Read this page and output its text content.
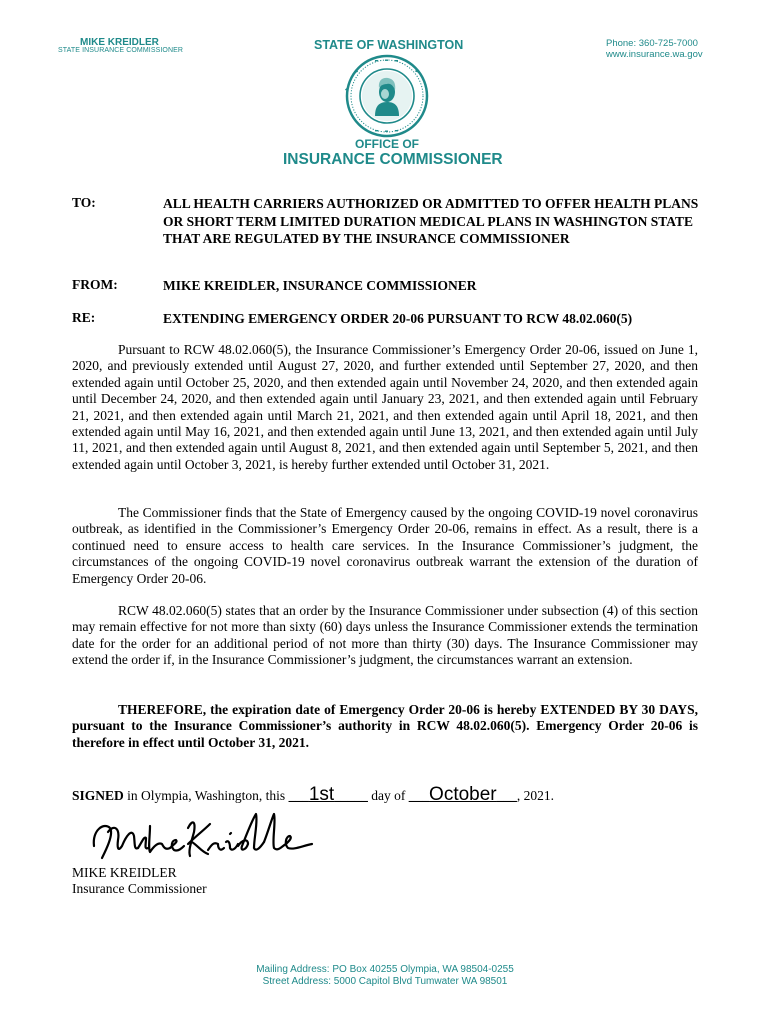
MIKE KREIDLER
STATE INSURANCE COMMISSIONER	STATE OF WASHINGTON	Phone: 360-725-7000
www.insurance.wa.gov
OFFICE OF
INSURANCE COMMISSIONER
TO:	ALL HEALTH CARRIERS AUTHORIZED OR ADMITTED TO OFFER HEALTH PLANS OR SHORT TERM LIMITED DURATION MEDICAL PLANS IN WASHINGTON STATE THAT ARE REGULATED BY THE INSURANCE COMMISSIONER
FROM:	MIKE KREIDLER, INSURANCE COMMISSIONER
RE:	EXTENDING EMERGENCY ORDER 20-06 PURSUANT TO RCW 48.02.060(5)

Pursuant to RCW 48.02.060(5), the Insurance Commissioner’s Emergency Order 20-06, issued on June 1, 2020, and previously extended until August 27, 2020, and further extended until September 27, 2020, and then extended again until October 25, 2020, and then extended again until November 24, 2020, and then extended again until December 24, 2020, and then extended again until January 23, 2021, and then extended again until February 21, 2021, and then extended again until March 21, 2021, and then extended again until April 18, 2021, and then extended again until May 16, 2021, and then extended again until June 13, 2021, and then extended again until July 11, 2021, and then extended again until August 8, 2021, and then extended again until September 5, 2021, and then extended again until October 3, 2021, is hereby further extended until October 31, 2021.

The Commissioner finds that the State of Emergency caused by the ongoing COVID-19 novel coronavirus outbreak, as identified in the Commissioner’s Emergency Order 20-06, remains in effect. As a result, there is a continued need to ensure access to health care services. In the Insurance Commissioner’s judgment, the circumstances of the ongoing COVID-19 novel coronavirus outbreak warrant the extension of the duration of Emergency Order 20-06.

RCW 48.02.060(5) states that an order by the Insurance Commissioner under subsection (4) of this section may remain effective for not more than sixty (60) days unless the Insurance Commissioner extends the termination date for the order for an additional period of not more than thirty (30) days. The Insurance Commissioner may extend the order if, in the Insurance Commissioner’s judgment, the circumstances warrant an extension.

THEREFORE, the expiration date of Emergency Order 20-06 is hereby EXTENDED BY 30 DAYS, pursuant to the Insurance Commissioner’s authority in RCW 48.02.060(5). Emergency Order 20-06 is therefore in effect until October 31, 2021.

SIGNED in Olympia, Washington, this ___1st_____ day of ___October___, 2021.
MIKE KREIDLER
Insurance Commissioner
Mailing Address: PO Box 40255 Olympia, WA 98504-0255
Street Address: 5000 Capitol Blvd Tumwater WA 98501
